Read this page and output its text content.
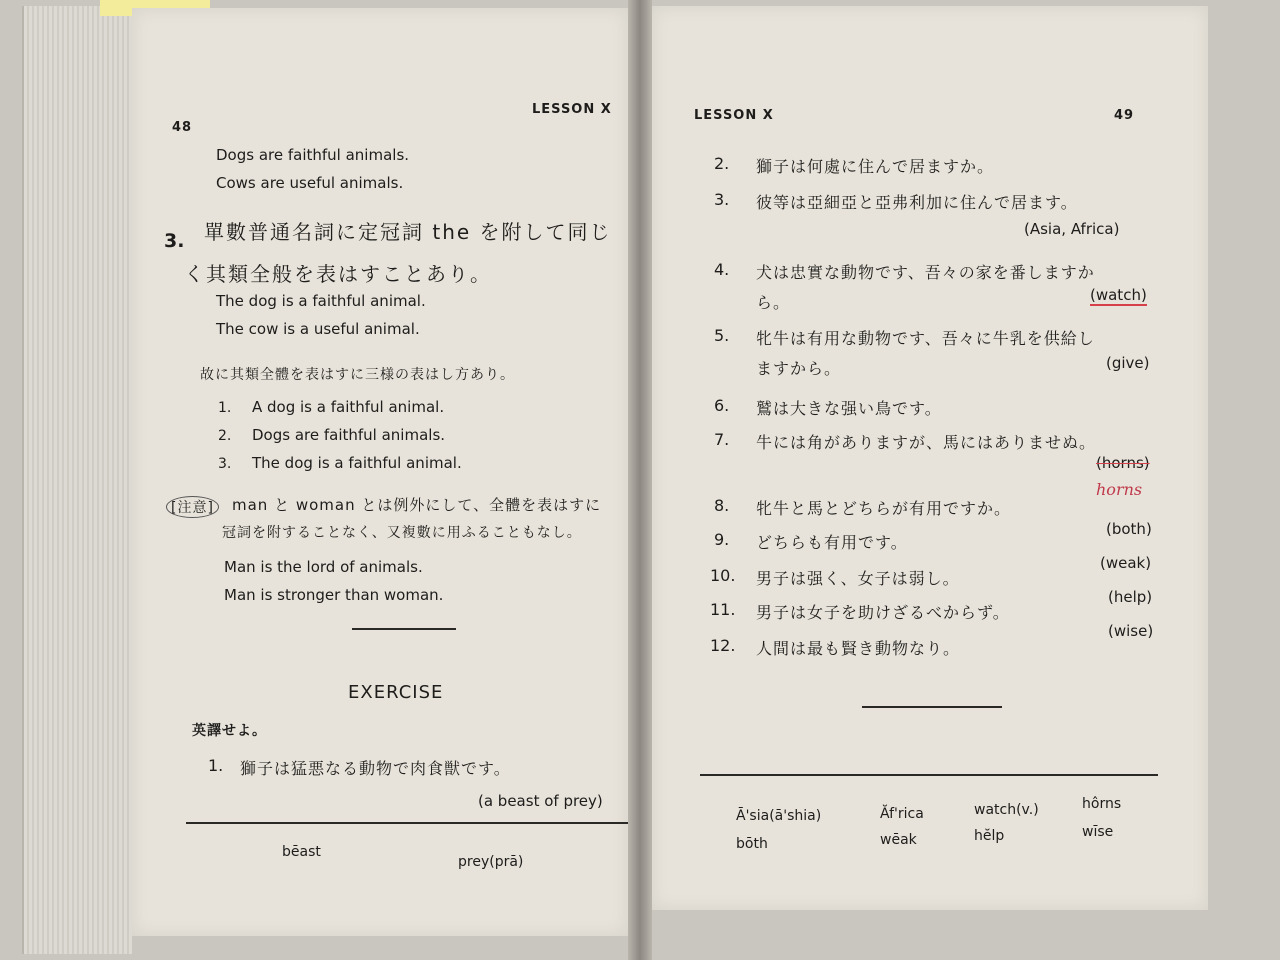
48
LESSON X
Dogs are faithful animals.
Cows are useful animals.
3. 單數普通名詞に定冠詞 the を附して同じ
く其類全般を表はすことあり。
The dog is a faithful animal.
The cow is a useful animal.
故に其類全體を表はすに三様の表はし方あり。
1. A dog is a faithful animal.
2. Dogs are faithful animals.
3. The dog is a faithful animal.
[注意]	man と woman とは例外にして、全體を表はすに
冠詞を附することなく、又複數に用ふることもなし。
Man is the lord of animals.
Man is stronger than woman.
EXERCISE
英譯せよ。
1. 獅子は猛悪なる動物で肉食獣です。
(a beast of prey)
bēast
prey(prā)
LESSON X	49
2. 獅子は何處に住んで居ますか。
3. 彼等は亞細亞と亞弗利加に住んで居ます。
(Asia, Africa)
4. 犬は忠實な動物です、吾々の家を番しますか
ら。	(watch)
5. 牝牛は有用な動物です、吾々に牛乳を供給し
ますから。	(give)
6. 鷲は大きな强い鳥です。
7. 牛には角がありますが、馬にはありませぬ。
(horns)
horns
8. 牝牛と馬とどちらが有用ですか。
9. どちらも有用です。
(both)
10. 男子は强く、女子は弱し。
(weak)
11. 男子は女子を助けざるべからず。
(help)
12. 人間は最も賢き動物なり。
(wise)
Ā'sia(ā'shia)	Ăf'rica	watch(v.)	hôrns
bōth	wēak	hĕlp	wīse
